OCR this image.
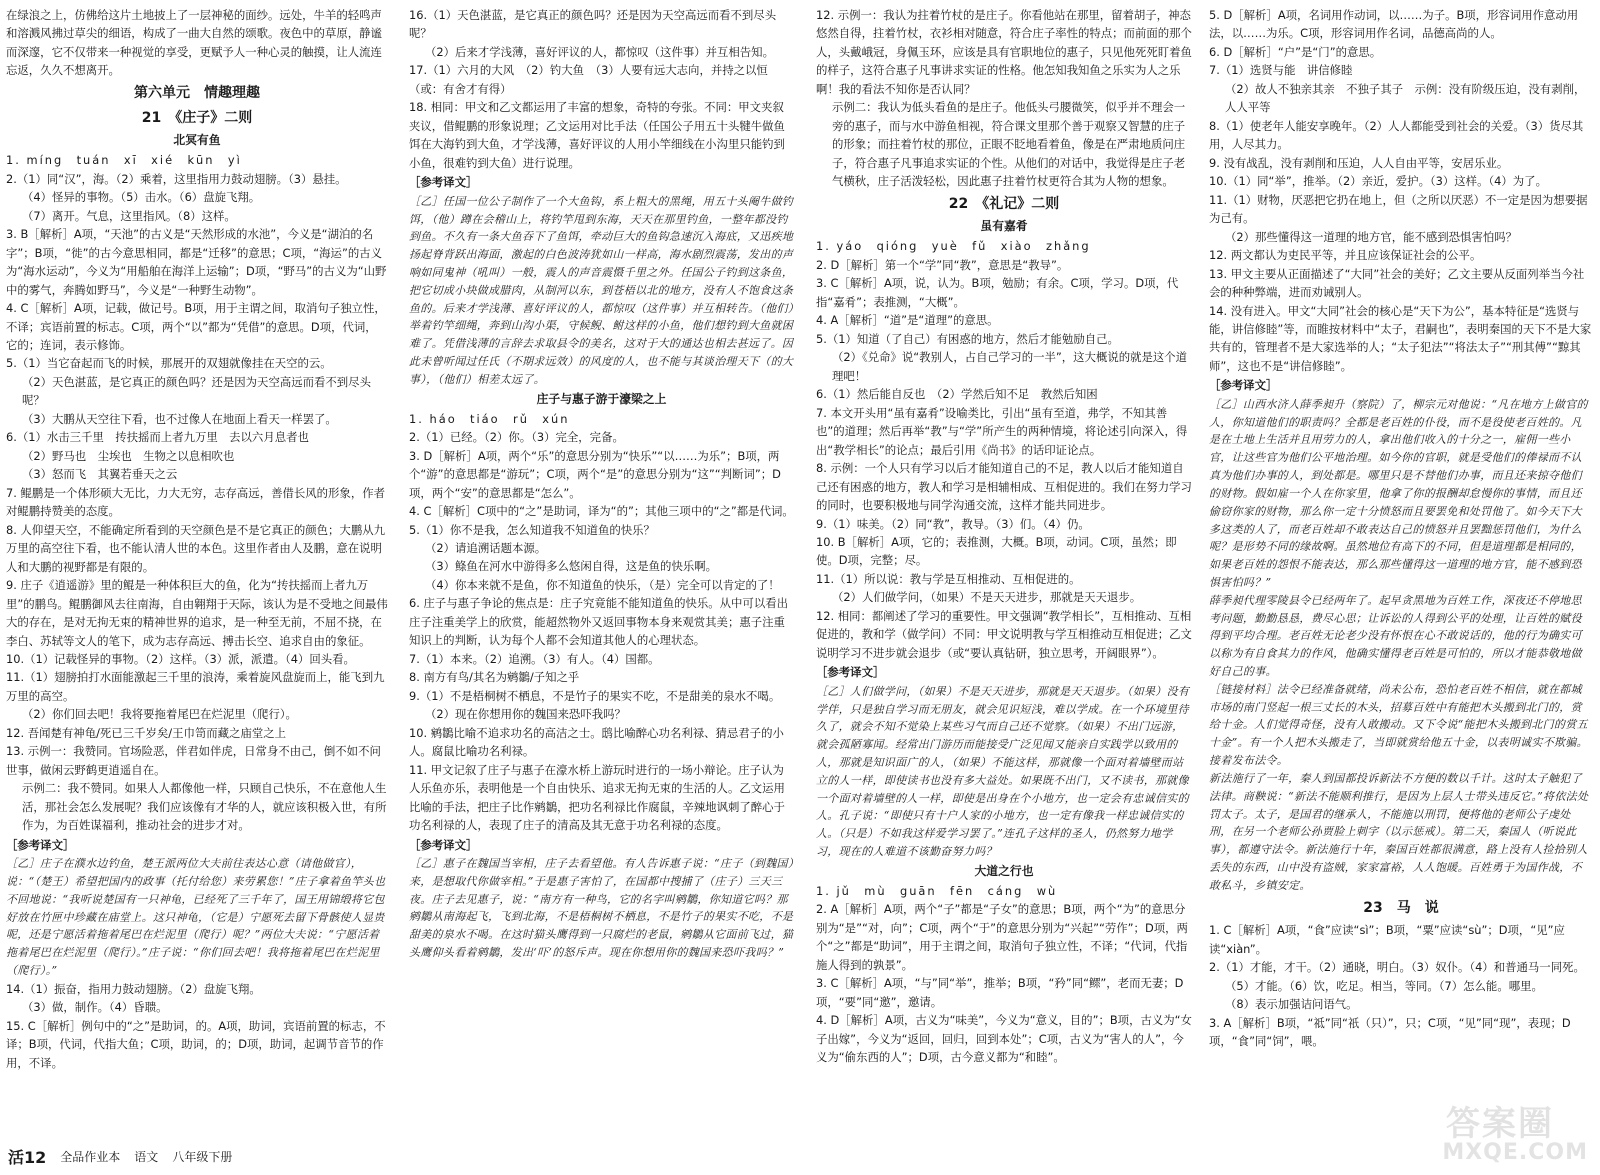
在绿浪之上，仿佛给这片土地披上了一层神秘的面纱。远处，牛羊的轻鸣声和溶溅风拂过草尖的细语，构成了一曲大自然的颂歌。夜色中的草原，静谧而深邃，它不仅带来一种视觉的享受，更赋予人一种心灵的触摸，让人流连忘返，久久不想离开。

第六单元　情趣理趣

21　《庄子》二则

北冥有鱼

1. míng　tuán　xī　xié　kūn　yì

2.（1）同“汉”，海。（2）乘着，这里指用力鼓动翅膀。（3）悬挂。

（4）怪异的事物。（5）击水。（6）盘旋飞翔。

（7）离开。气息，这里指风。（8）这样。

3. B［解析］A项，“天池”的古义是“天然形成的水池”，今义是“湖泊的名字”；B项，“徙”的古今意思相同，都是“迁移”的意思；C项，“海运”的古义为“海水运动”，今义为“用船舶在海洋上运输”；D项，“野马”的古义为“山野中的雾气，奔腾如野马”，今义是“一种野生动物”。

4. C［解析］A项，记载，做记号。B项，用于主谓之间，取消句子独立性，不译；宾语前置的标志。C项，两个“以”都为“凭借”的意思。D项，代词，它的；连词，表示修饰。

5.（1）当它奋起而飞的时候，那展开的双翅就像挂在天空的云。

（2）天色湛蓝，是它真正的颜色吗？还是因为天空高远而看不到尽头呢？

（3）大鹏从天空往下看，也不过像人在地面上看天一样罢了。

6.（1）水击三千里　抟扶摇而上者九万里　去以六月息者也

（2）野马也　尘埃也　生物之以息相吹也

（3）怒而飞　其翼若垂天之云

7. 鲲鹏是一个体形硕大无比，力大无穷，志存高远，善借长风的形象，作者对鲲鹏持赞美的态度。

8. 人仰望天空，不能确定所看到的天空颜色是不是它真正的颜色；大鹏从九万里的高空往下看，也不能认清人世的本色。这里作者由人及鹏，意在说明人和大鹏的视野都是有限的。

9. 庄子《逍遥游》里的鲲是一种体积巨大的鱼，化为“抟扶摇而上者九万里”的鹏鸟。鲲鹏御风去往南海，自由翱翔于天际，该认为是不受地之间最伟大的存在，是对无拘无束的精神世界的追求，是一种至无前，不屈不挠，在李白、苏轼等文人的笔下，成为志存高远、搏击长空、追求自由的象征。

10.（1）记载怪异的事物。（2）这样。（3）派，派遣。（4）回头看。

11.（1）翅膀拍打水面能激起三千里的浪涛，乘着旋风盘旋而上，能飞到九万里的高空。

（2）你们回去吧！我将要拖着尾巴在烂泥里（爬行）。

12. 吾闻楚有神龟/死已三千岁矣/王巾笥而藏之庙堂之上

13. 示例一：我赞同。官场险恶，伴君如伴虎，日常身不由己，倒不如不问世事，做闲云野鹤更逍遥自在。

示例二：我不赞同。如果人人都像他一样，只顾自己快乐，不在意他人生活，那社会怎么发展呢？我们应该像有才华的人，就应该积极入世，有所作为，为百姓谋福利，推动社会的进步才对。

［参考译文］

［乙］庄子在濮水边钓鱼，楚王派两位大夫前往表达心意（请他做官），说：“（楚王）希望把国内的政事（托付给您）来劳累您！”庄子拿着鱼竿头也不回地说：“我听说楚国有一只神龟，已经死了三千年了，国王用锦缎将它包好放在竹匣中珍藏在庙堂上。这只神龟，（它是）宁愿死去留下骨骸使人显贵呢，还是宁愿活着拖着尾巴在烂泥里（爬行）呢？”两位大夫说：“宁愿活着拖着尾巴在烂泥里（爬行）。”庄子说：“你们回去吧！我将拖着尾巴在烂泥里（爬行）。”

14.（1）振奋，指用力鼓动翅膀。（2）盘旋飞翔。

（3）做，制作。（4）昏聩。

15. C［解析］例句中的“之”是助词，的。A项，助词，宾语前置的标志，不译；B项，代词，代指大鱼；C项，助词，的；D项，助词，起调节音节的作用，不译。

16.（1）天色湛蓝，是它真正的颜色吗？还是因为天空高远而看不到尽头呢？

（2）后来才学浅薄，喜好评议的人，都惊叹（这件事）并互相告知。

17.（1）六月的大风　（2）钓大鱼　（3）人要有远大志向，并持之以恒（或：有舍才有得）

18. 相同：甲文和乙文都运用了丰富的想象，奇特的夸张。不同：甲文夹叙夹议，借鲲鹏的形象说理；乙文运用对比手法（任国公子用五十头犍牛做鱼饵在大海钓到大鱼，才学浅薄，喜好评议的人用小竿细线在小沟里只能钓到小鱼，很难钓到大鱼）进行说理。

［参考译文］

［乙］任国一位公子制作了一个大鱼钩，系上粗大的黑绳，用五十头阉牛做钓饵，（他）蹲在会稽山上，将钓竿甩到东海，天天在那里钓鱼，一整年都没钓到鱼。不久有一条大鱼吞下了鱼饵，牵动巨大的鱼钩急速沉入海底，又迅疾地扬起脊背跃出海面，激起的白色波涛犹如山一样高，海水剧烈震荡，发出的声响如同鬼神（吼叫）一般，震人的声音震慑千里之外。任国公子钓到这条鱼，把它切成小块做成腊肉，从制河以东，到苍梧以北的地方，没有人不饱食这条鱼的。后来才学浅薄、喜好评议的人，都惊叹（这件事）并互相转告。（他们）举着钓竿细绳，奔到山沟小渠，守候鲵、鲋这样的小鱼，他们想钓到大鱼就困难了。凭借浅薄的言辞去求取县令的美名，这对于大的通达也相去甚远了。因此未曾听闻过任氏（不期求远效）的风度的人，也不能与其谈治理天下（的大事），（他们）相差太远了。

庄子与惠子游于濠梁之上

1. háo　tiáo　rǔ　xún

2.（1）已经。（2）你。（3）完全，完备。

3. D［解析］A项，两个“乐”的意思分别为“快乐”“以……为乐”；B项，两个“游”的意思都是“游玩”；C项，两个“是”的意思分别为“这”“判断词”；D项，两个“安”的意思都是“怎么”。

4. C［解析］C项中的“之”是助词，译为“的”；其他三项中的“之”都是代词。

5.（1）你不是我，怎么知道我不知道鱼的快乐？

（2）请追溯话题本源。

（3）鲦鱼在河水中游得多么悠闲自得，这是鱼的快乐啊。

（4）你本来就不是鱼，你不知道鱼的快乐，（是）完全可以肯定的了！

6. 庄子与惠子争论的焦点是：庄子究竟能不能知道鱼的快乐。从中可以看出庄子注重美学上的欣赏，能超然物外又返回事物本身来观赏其美；惠子注重知识上的判断，认为每个人都不会知道其他人的心理状态。

7.（1）本来。（2）追溯。（3）有人。（4）国都。

8. 南方有鸟/其名为鹓鶵/子知之乎

9.（1）不是梧桐树不栖息，不是竹子的果实不吃，不是甜美的泉水不喝。

（2）现在你想用你的魏国来恐吓我吗？

10. 鹓鶵比喻不追求功名的高洁之士。鸱比喻醉心功名利禄、猜忌君子的小人。腐鼠比喻功名利禄。

11. 甲文记叙了庄子与惠子在濠水桥上游玩时进行的一场小辩论。庄子认为人乐鱼亦乐，表明他是一个自由快乐、追求无拘无束的生活的人。乙文运用比喻的手法，把庄子比作鹓鶵，把功名利禄比作腐鼠，辛辣地讽刺了醉心于功名利禄的人，表现了庄子的清高及其无意于功名利禄的态度。

［参考译文］

［乙］惠子在魏国当宰相，庄子去看望他。有人告诉惠子说：“庄子（到魏国）来，是想取代你做宰相。”于是惠子害怕了，在国都中搜捕了（庄子）三天三夜。庄子去见惠子，说：“南方有一种鸟，它的名字叫鹓鶵，你知道它吗？那鹓鶵从南海起飞，飞到北海，不是梧桐树不栖息，不是竹子的果实不吃，不是甜美的泉水不喝。在这时猫头鹰得到一只腐烂的老鼠，鹓鶵从它面前飞过，猫头鹰仰头看着鹓鶵，发出‘吓’的怒斥声。现在你想用你的魏国来恐吓我吗？”

12. 示例一：我认为拄着竹杖的是庄子。你看他站在那里，留着胡子，神态悠然自得，拄着竹杖，衣衫相对随意，符合庄子率性的特点；而前面的那个人，头戴峨冠，身佩玉环，应该是具有官职地位的惠子，只见他死死盯着鱼的样子，这符合惠子凡事讲求实证的性格。他怎知我知鱼之乐实为人之乐啊！我的看法不知你是否认同？

示例二：我认为低头看鱼的是庄子。他低头弓腰微笑，似乎并不理会一旁的惠子，而与水中游鱼相视，符合课文里那个善于观察又智慧的庄子的形象；而拄着竹杖的那位，正眼不眨地看着鱼，像是在严肃地质问庄子，符合惠子凡事追求实证的个性。从他们的对话中，我觉得是庄子老气横秋，庄子活泼轻松，因此惠子拄着竹杖更符合其为人物的想象。

22　《礼记》二则

虽有嘉肴

1. yáo　qióng　yuè　fǔ　xiào　zhǎng

2. D［解析］第一个“学”同“教”，意思是“教导”。

3. C［解析］A项，说，认为。B项，勉励；有余。C项，学习。D项，代指“嘉肴”；表推测，“大概”。

4. A［解析］“道”是“道理”的意思。

5.（1）知道（了自己）有困惑的地方，然后才能勉励自己。

（2）《兑命》说“教别人，占自己学习的一半”，这大概说的就是这个道理吧！

6.（1）然后能自反也　（2）学然后知不足　教然后知困

7. 本文开头用“虽有嘉肴”设喻类比，引出“虽有至道，弗学，不知其善也”的道理；然后再举“教”与“学”所产生的两种情境，将论述引向深入，得出“教学相长”的论点；最后引用《尚书》的话印证论点。

8. 示例：一个人只有学习以后才能知道自己的不足，教人以后才能知道自己还有困惑的地方，教人和学习是相辅相成、互相促进的。我们在努力学习的同时，也要积极地与同学沟通交流，这样才能共同进步。

9.（1）味美。（2）同“教”，教导。（3）们。（4）仍。

10. B［解析］A项，它的；表推测，大概。B项，动词。C项，虽然；即使。D项，完整；尽。

11.（1）所以说：教与学是互相推动、互相促进的。

（2）人们做学问，（如果）不是天天进步，那就是天天退步。

12. 相同：都阐述了学习的重要性。甲文强调“教学相长”，互相推动、互相促进的，教和学（做学问）不同：甲文说明教与学互相推动互相促进；乙文说明学习不进步就会退步（或“要认真钻研，独立思考，开阔眼界”）。

［参考译文］

［乙］人们做学问，（如果）不是天天进步，那就是天天退步。（如果）没有学伴，只是独自学习而无朋友，就会见识短浅，难以学成。在一个环境里待久了，就会不知不觉染上某些习气而自己还不觉察。（如果）不出门远游，就会孤陋寡闻。经常出门游历而能接受广泛见闻又能亲自实践学以致用的人，那就是知识面广的人，（如果）不能这样，那就像一个面对着墙壁而站立的人一样，即使读书也没有多大益处。如果既不出门，又不读书，那就像一个面对着墙壁的人一样，即使是出身在个小地方，也一定会有忠诚信实的人。孔子说：“即使只有十户人家的小地方，也一定有像我一样忠诚信实的人。（只是）不如我这样爱学习罢了。”连孔子这样的圣人，仍然努力地学习，现在的人难道不该勤奋努力吗？

大道之行也

1. jǔ　mù　guān　fēn　cáng　wù

2. A［解析］A项，两个“子”都是“子女”的意思；B项，两个“为”的意思分别为“是”“对，向”；C项，两个“于”的意思分别为“兴起”“劳作”；D项，两个“之”都是“助词”，用于主谓之间，取消句子独立性，不译；“代词，代指施人得到的孰景”。

3. C［解析］A项，“与”同“举”，推举；B项，“矜”同“鳏”，老而无妻；D项，“要”同“邀”，邀请。

4. D［解析］A项，古义为“味美”，今义为“意义，目的”；B项，古义为“女子出嫁”，今义为“返回，回归，回到本处”；C项，古义为“害人的人”，今义为“偷东西的人”；D项，古今意义都为“和睦”。

5. D［解析］A项，名词用作动词，以……为子。B项，形容词用作意动用法，以……为乐。C项，形容词用作名词，品德高尚的人。

6. D［解析］“户”是“门”的意思。

7.（1）选贤与能　讲信修睦

（2）故人不独亲其亲　不独子其子　示例：没有阶级压迫，没有剥削，人人平等

8.（1）使老年人能安享晚年。（2）人人都能受到社会的关爱。（3）货尽其用，人尽其力。

9. 没有战乱，没有剥削和压迫，人人自由平等，安居乐业。

10.（1）同“举”，推举。（2）亲近，爱护。（3）这样。（4）为了。

11.（1）财物，厌恶把它扔在地上，但（之所以厌恶）不一定是因为想要据为己有。

（2）那些懂得这一道理的地方官，能不感到恐惧害怕吗？

12. 两文都认为吏民平等，并且应该保证社会的公平。

13. 甲文主要从正面描述了“大同”社会的美好；乙文主要从反面列举当今社会的种种弊端，进而劝诫别人。

14. 没有进入。甲文“大同”社会的核心是“天下为公”，基本特征是“选贤与能，讲信修睦”等，而睢按材料中“太子，君嗣也”，表明秦国的天下不是大家共有的，管理者不是大家选举的人；“太子犯法”“将法太子”“刑其傅”“黥其师”，这也不是“讲信修睦”。

［参考译文］

［乙］山西水济人薛季昶升（察院）了，柳宗元对他说：“凡在地方上做官的人，你知道他们的职责吗？全都是老百姓的仆役，而不是役使老百姓的。凡是在土地上生活并且用劳力的人，拿出他们收入的十分之一，雇佣一些小官，让这些官为他们公平地治理。如今你的官职，就是受他们的俸禄而不认真为他们办事的人，到处都是。哪里只是不替他们办事，而且还来掠夺他们的财物。假如雇一个人在你家里，他拿了你的报酬却怠慢你的事情，而且还偷窃你家的财物，那么你一定十分愤怒而且要罢免和处罚他了。如今天下大多这类的人了，而老百姓却不敢表达自己的愤怒并且罢黜惩罚他们，为什么呢？是形势不同的缘故啊。虽然地位有高下的不同，但是道理都是相同的，如果老百姓的怨恨不能表达，那么那些懂得这一道理的地方官，能不感到恐惧害怕吗？”

薛季昶代理零陵县令已经两年了。起早贪黑地为百姓工作，深夜还不停地思考问题，勤勤恳恳，费尽心思；让诉讼的人得到公平的处理，让百姓的赋役得到平均合理。老百姓无论老少没有怀恨在心不敢说话的，他的行为确实可以称为有自食其力的作风，他确实懂得老百姓是可怕的，所以才能恭敬地做好自己的事。

［链接材料］法令已经准备就绪，尚未公布，恐怕老百姓不相信，就在都城市场的南门竖起一根三丈长的木头，招募百姓中有能把木头搬到北门的，赏给十金。人们觉得奇怪，没有人敢搬动。又下令说“能把木头搬到北门的赏五十金”。有一个人把木头搬走了，当即就赏给他五十金，以表明诚实不欺骗。接着发布法令。

新法施行了一年，秦人到国都投诉新法不方便的数以千计。这时太子触犯了法律。商鞅说：“新法不能顺利推行，是因为上层人士带头违反它。”将依法处罚太子。太子，是国君的继承人，不能施以刑罚，便将他的老师公子虔处刑，在另一个老师公孙贾脸上刺字（以示惩戒）。第二天，秦国人（听说此事），都遵守法令。新法施行十年，秦国百姓都很满意，路上没有人捡拾别人丢失的东西，山中没有盗贼，家家富裕，人人饱暖。百姓勇于为国作战，不敢私斗，乡镇安定。

23　马　说

1. C［解析］A项，“食”应读“sì”；B项，“粟”应读“sù”；D项，“见”应读“xiàn”。

2.（1）才能，才干。（2）通晓，明白。（3）奴仆。（4）和普通马一同死。

（5）才能。（6）饮，吃足。相当，等同。（7）怎么能。哪里。

（8）表示加强诘问语气。

3. A［解析］B项，“祗”同“祇（只）”，只；C项，“见”同“现”，表现；D项，“食”同“饲”，喂。

活12 全品作业本 语文 八年级下册
答案圈
MXQE.COM
